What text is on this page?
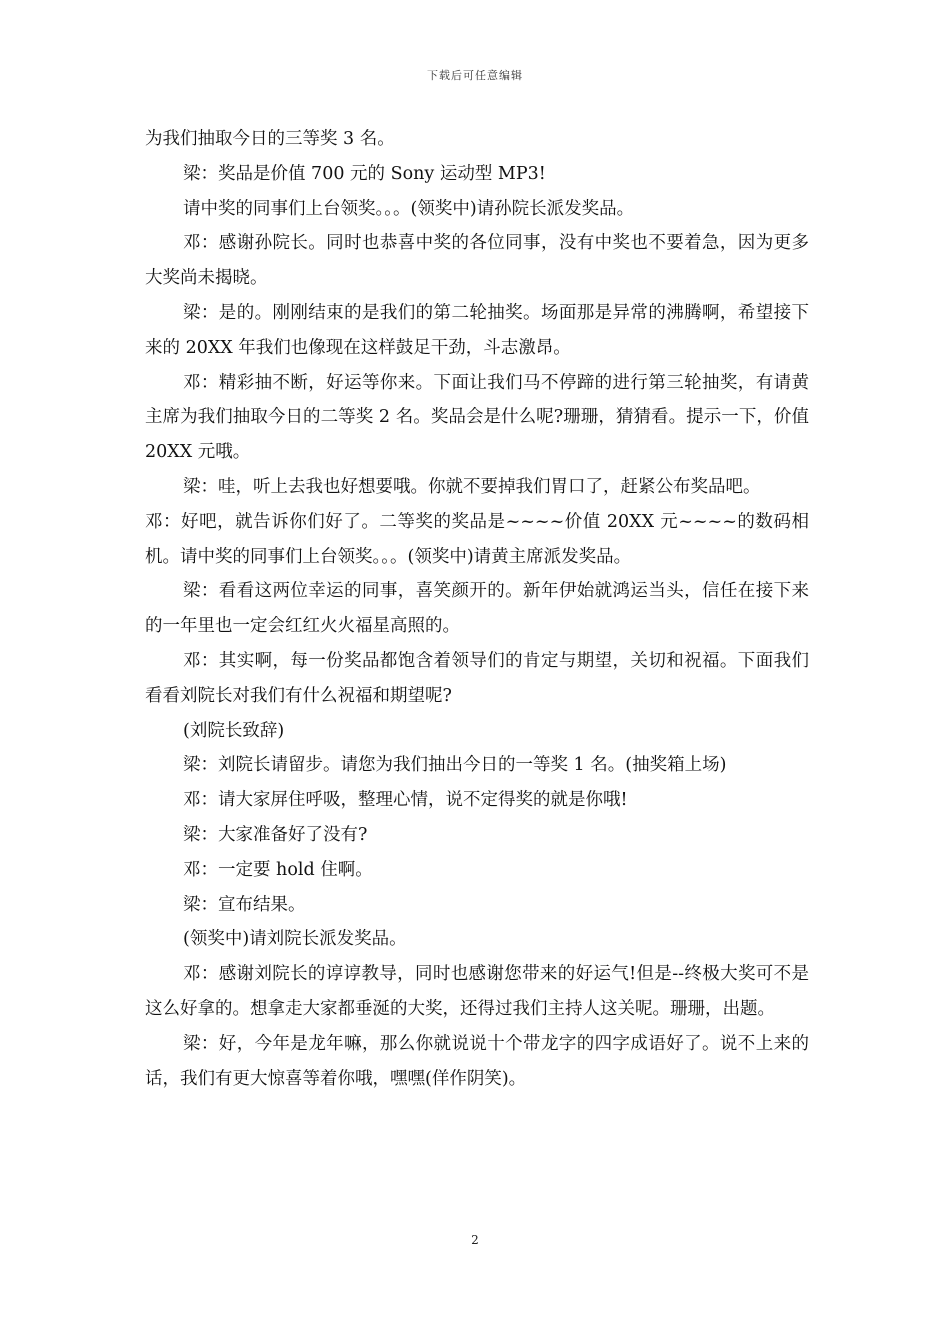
下载后可任意编辑

为我们抽取今日的三等奖 3 名。

梁：奖品是价值 700 元的 Sony 运动型 MP3!

请中奖的同事们上台领奖。。。(领奖中)请孙院长派发奖品。

邓：感谢孙院长。同时也恭喜中奖的各位同事，没有中奖也不要着急，因为更多大奖尚未揭晓。

梁：是的。刚刚结束的是我们的第二轮抽奖。场面那是异常的沸腾啊，希望接下来的 20XX 年我们也像现在这样鼓足干劲，斗志激昂。

邓：精彩抽不断，好运等你来。下面让我们马不停蹄的进行第三轮抽奖，有请黄主席为我们抽取今日的二等奖 2 名。奖品会是什么呢?珊珊，猜猜看。提示一下，价值 20XX 元哦。

梁：哇，听上去我也好想要哦。你就不要掉我们胃口了，赶紧公布奖品吧。

邓：好吧，就告诉你们好了。二等奖的奖品是~~~~价值 20XX 元~~~~的数码相机。请中奖的同事们上台领奖。。。(领奖中)请黄主席派发奖品。

梁：看看这两位幸运的同事，喜笑颜开的。新年伊始就鸿运当头，信任在接下来的一年里也一定会红红火火福星高照的。

邓：其实啊，每一份奖品都饱含着领导们的肯定与期望，关切和祝福。下面我们看看刘院长对我们有什么祝福和期望呢?

(刘院长致辞)

梁：刘院长请留步。请您为我们抽出今日的一等奖 1 名。(抽奖箱上场)

邓：请大家屏住呼吸，整理心情，说不定得奖的就是你哦!

梁：大家准备好了没有?

邓：一定要 hold 住啊。

梁：宣布结果。

(领奖中)请刘院长派发奖品。

邓：感谢刘院长的谆谆教导，同时也感谢您带来的好运气!但是--终极大奖可不是这么好拿的。想拿走大家都垂涎的大奖，还得过我们主持人这关呢。珊珊，出题。

梁：好，今年是龙年嘛，那么你就说说十个带龙字的四字成语好了。说不上来的话，我们有更大惊喜等着你哦，嘿嘿(佯作阴笑)。

2
